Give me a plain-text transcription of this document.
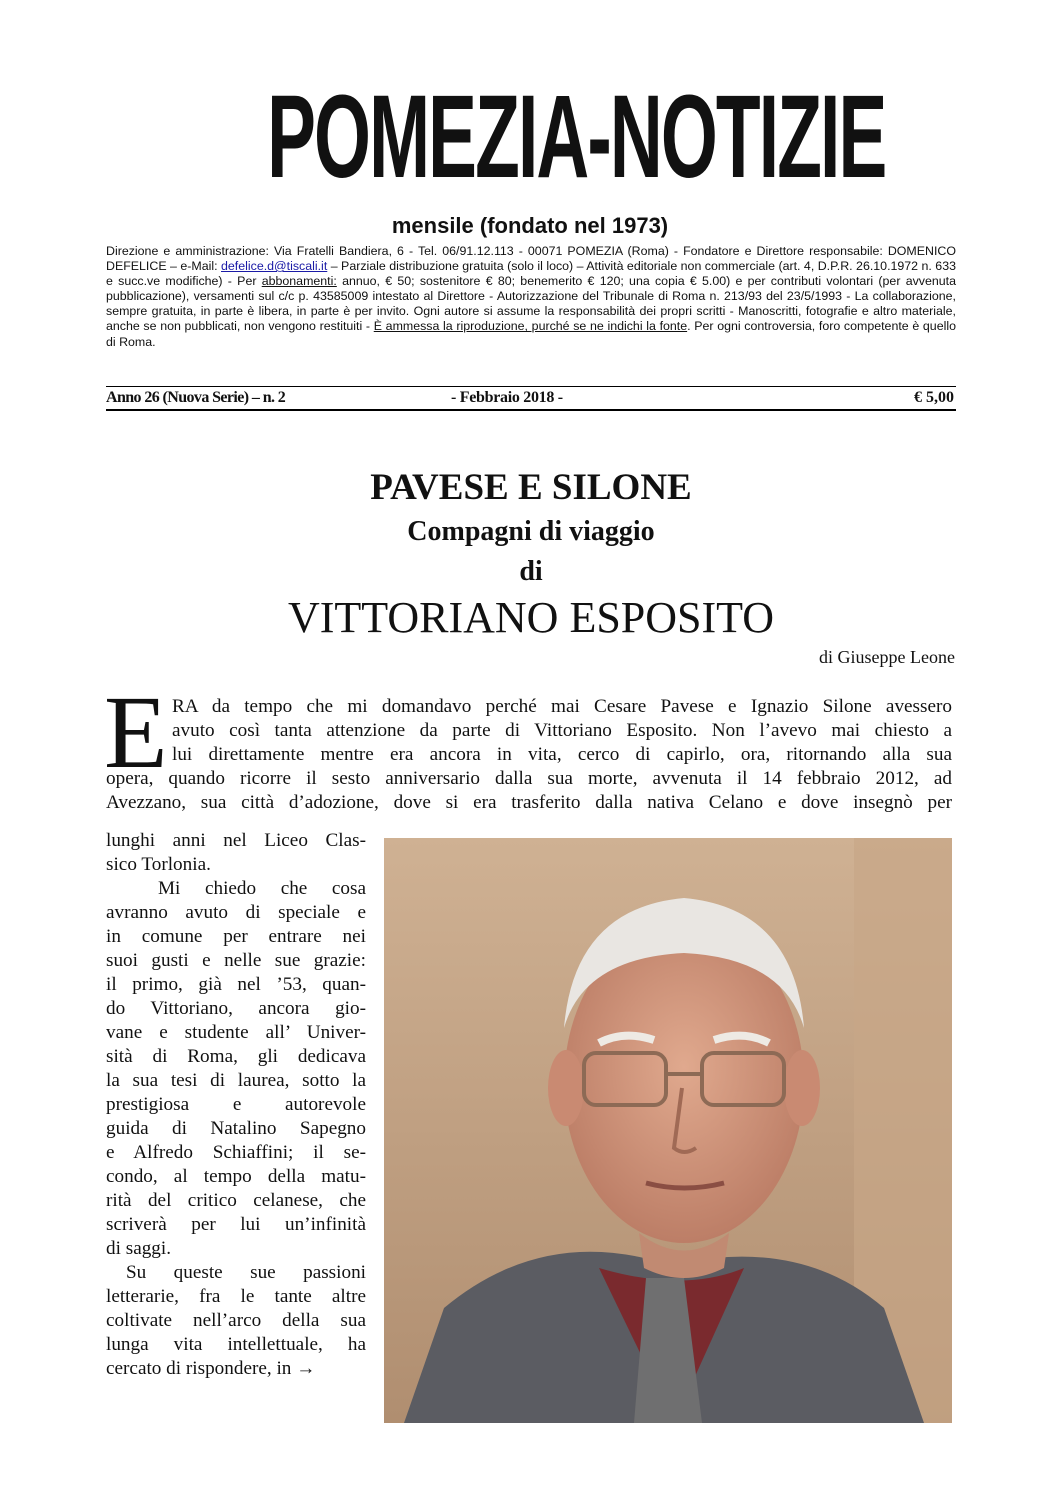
POMEZIA-NOTIZIE
mensile (fondato nel 1973)
Direzione e amministrazione: Via Fratelli Bandiera, 6 - Tel. 06/91.12.113 - 00071 POMEZIA (Roma) - Fondatore e Direttore responsabile: DOMENICO DEFELICE – e-Mail: defelice.d@tiscali.it – Parziale distribuzione gratuita (solo il loco) – Attività editoriale non commerciale (art. 4, D.P.R. 26.10.1972 n. 633 e succ.ve modifiche) - Per abbonamenti: annuo, € 50; sostenitore € 80; benemerito € 120; una copia € 5.00) e per contributi volontari (per avvenuta pubblicazione), versamenti sul c/c p. 43585009 intestato al Direttore - Autorizzazione del Tribunale di Roma n. 213/93 del 23/5/1993 - La collaborazione, sempre gratuita, in parte è libera, in parte è per invito. Ogni autore si assume la responsabilità dei propri scritti - Manoscritti, fotografie e altro materiale, anche se non pubblicati, non vengono restituiti - È ammessa la riproduzione, purché se ne indichi la fonte. Per ogni controversia, foro competente è quello di Roma.
Anno 26 (Nuova Serie) – n. 2	- Febbraio 2018 -	€ 5,00
PAVESE E SILONE
Compagni di viaggio
di
VITTORIANO ESPOSITO
di Giuseppe Leone
E RA da tempo che mi domandavo perché mai Cesare Pavese e Ignazio Silone avessero
avuto così tanta attenzione da parte di Vittoriano Esposito. Non l’avevo mai chiesto a
lui direttamente mentre era ancora in vita, cerco di capirlo, ora, ritornando alla sua
opera, quando ricorre il sesto anniversario dalla sua morte, avvenuta il 14 febbraio 2012, ad
Avezzano, sua città d’adozione, dove si era trasferito dalla nativa Celano e dove insegnò per
lunghi anni nel Liceo Clas-
sico Torlonia.
Mi chiedo che cosa
avranno avuto di speciale e
in comune per entrare nei
suoi gusti e nelle sue grazie:
il primo, già nel ’53, quan-
do Vittoriano, ancora gio-
vane e studente all’ Univer-
sità di Roma, gli dedicava
la sua tesi di laurea, sotto la
prestigiosa e autorevole
guida di Natalino Sapegno
e Alfredo Schiaffini; il se-
condo, al tempo della matu-
rità del critico celanese, che
scriverà per lui un’infinità
di saggi.
Su queste sue passioni
letterarie, fra le tante altre
coltivate nell’arco della sua
lunga vita intellettuale, ha
cercato di rispondere, in →
